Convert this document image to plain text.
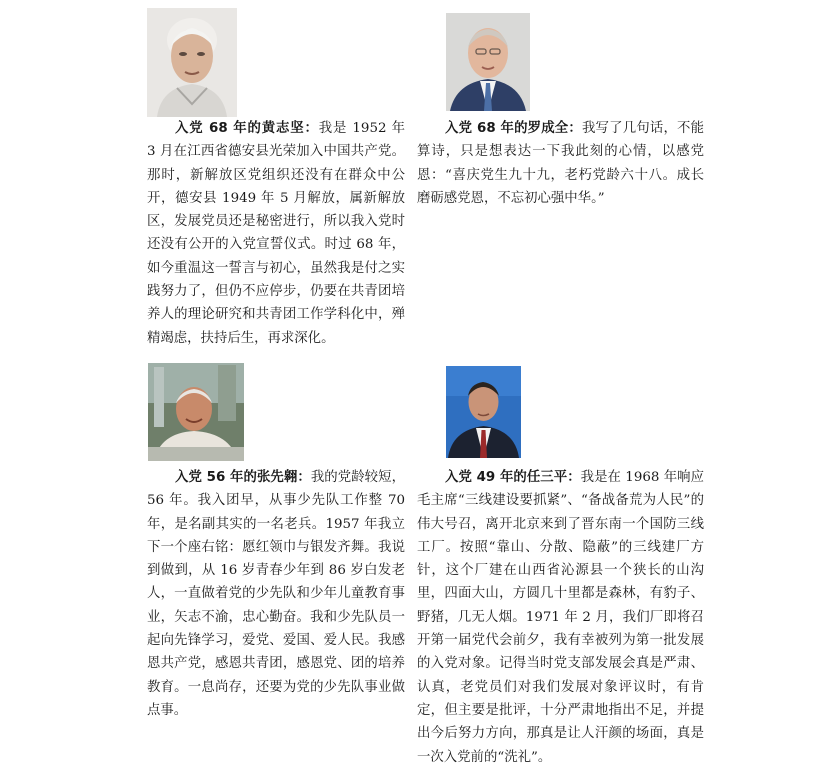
入党 68 年的黄志坚：我是 1952 年 3 月在江西省德安县光荣加入中国共产党。那时，新解放区党组织还没有在群众中公开，德安县 1949 年 5 月解放，属新解放区，发展党员还是秘密进行，所以我入党时还没有公开的入党宣誓仪式。时过 68 年，如今重温这一誓言与初心，虽然我是付之实践努力了，但仍不应停步，仍要在共青团培养人的理论研究和共青团工作学科化中，殚精竭虑，扶持后生，再求深化。

入党 68 年的罗成全：我写了几句话，不能算诗，只是想表达一下我此刻的心情，以感党恩：“喜庆党生九十九，老朽党龄六十八。成长磨砺感党恩，不忘初心强中华。”

入党 56 年的张先翱：我的党龄较短，56 年。我入团早，从事少先队工作整 70 年，是名副其实的一名老兵。1957 年我立下一个座右铭：愿红领巾与银发齐舞。我说到做到，从 16 岁青春少年到 86 岁白发老人，一直做着党的少先队和少年儿童教育事业，矢志不渝，忠心勤奋。我和少先队员一起向先锋学习，爱党、爱国、爱人民。我感恩共产党，感恩共青团，感恩党、团的培养教育。一息尚存，还要为党的少先队事业做点事。

入党 49 年的任三平：我是在 1968 年响应毛主席“三线建设要抓紧”、“备战备荒为人民”的伟大号召，离开北京来到了晋东南一个国防三线工厂。按照“靠山、分散、隐蔽”的三线建厂方针，这个厂建在山西省沁源县一个狭长的山沟里，四面大山，方圆几十里都是森林，有豹子、野猪，几无人烟。1971 年 2 月，我们厂即将召开第一届党代会前夕，我有幸被列为第一批发展的入党对象。记得当时党支部发展会真是严肃、认真，老党员们对我们发展对象评议时，有肯定，但主要是批评，十分严肃地指出不足，并提出今后努力方向，那真是让人汗颜的场面，真是一次入党前的“洗礼”。
